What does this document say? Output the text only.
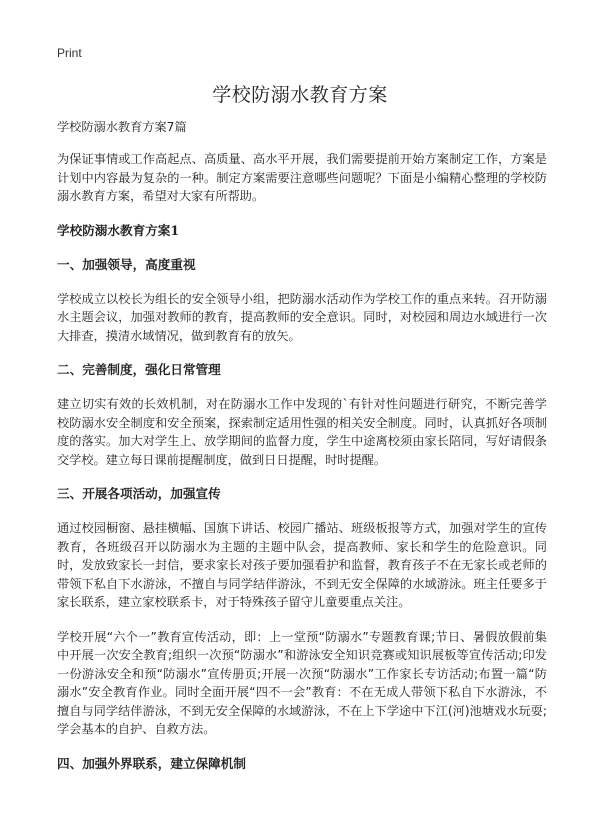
Print
学校防溺水教育方案

学校防溺水教育方案7篇

为保证事情或工作高起点、高质量、高水平开展，我们需要提前开始方案制定工作，方案是计划中内容最为复杂的一种。制定方案需要注意哪些问题呢？下面是小编精心整理的学校防溺水教育方案，希望对大家有所帮助。

学校防溺水教育方案1

一、加强领导，高度重视

学校成立以校长为组长的安全领导小组，把防溺水活动作为学校工作的重点来转。召开防溺水主题会议，加强对教师的教育，提高教师的安全意识。同时，对校园和周边水域进行一次大排查，摸清水域情况，做到教育有的放矢。

二、完善制度，强化日常管理

建立切实有效的长效机制，对在防溺水工作中发现的`有针对性问题进行研究，不断完善学校防溺水安全制度和安全预案，探索制定适用性强的相关安全制度。同时，认真抓好各项制度的落实。加大对学生上、放学期间的监督力度，学生中途离校须由家长陪同，写好请假条交学校。建立每日课前提醒制度，做到日日提醒，时时提醒。

三、开展各项活动，加强宣传

通过校园橱窗、悬挂横幅、国旗下讲话、校园广播站、班级板报等方式，加强对学生的宣传教育，各班级召开以防溺水为主题的主题中队会，提高教师、家长和学生的危险意识。同时，发放致家长一封信，要求家长对孩子要加强看护和监督，教育孩子不在无家长或老师的带领下私自下水游泳，不擅自与同学结伴游泳，不到无安全保障的水域游泳。班主任要多于家长联系，建立家校联系卡，对于特殊孩子留守儿童要重点关注。

学校开展“六个一”教育宣传活动，即：上一堂预“防溺水”专题教育课;节日、暑假放假前集中开展一次安全教育;组织一次预“防溺水”和游泳安全知识竞赛或知识展板等宣传活动;印发一份游泳安全和预“防溺水”宣传册页;开展一次预“防溺水”工作家长专访活动;布置一篇“防溺水”安全教育作业。同时全面开展“四不一会”教育：不在无成人带领下私自下水游泳，不擅自与同学结伴游泳，不到无安全保障的水域游泳，不在上下学途中下江(河)池塘戏水玩耍;学会基本的自护、自救方法。

四、加强外界联系，建立保障机制
